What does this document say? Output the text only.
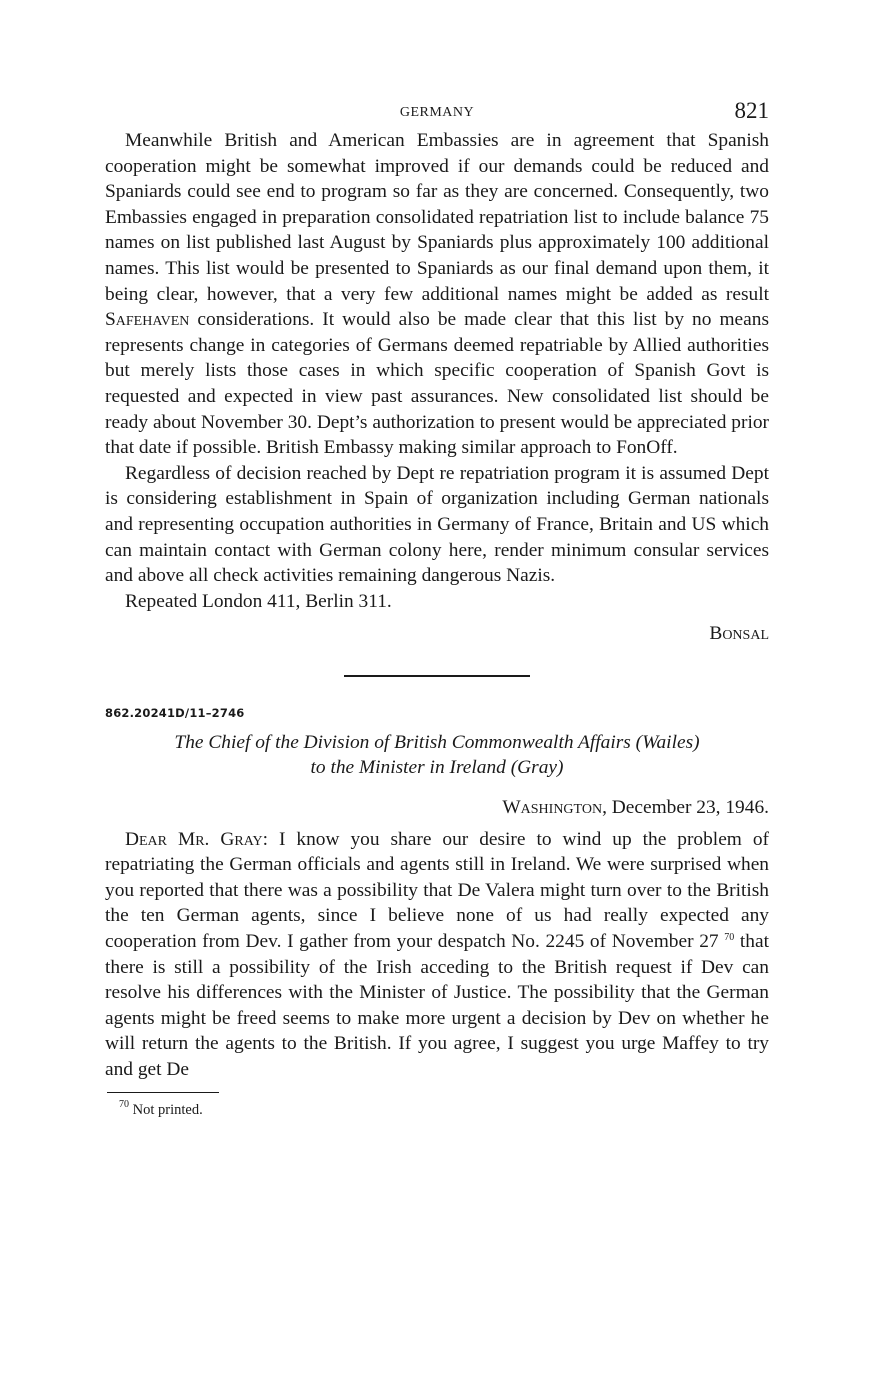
GERMANY	821

Meanwhile British and American Embassies are in agreement that Spanish cooperation might be somewhat improved if our demands could be reduced and Spaniards could see end to program so far as they are concerned. Consequently, two Embassies engaged in preparation consolidated repatriation list to include balance 75 names on list published last August by Spaniards plus approximately 100 additional names. This list would be presented to Spaniards as our final demand upon them, it being clear, however, that a very few additional names might be added as result Safehaven considerations. It would also be made clear that this list by no means represents change in categories of Germans deemed repatriable by Allied authorities but merely lists those cases in which specific cooperation of Spanish Govt is requested and expected in view past assurances. New consolidated list should be ready about November 30. Dept’s authorization to present would be appreciated prior that date if possible. British Embassy making similar approach to FonOff.

Regardless of decision reached by Dept re repatriation program it is assumed Dept is considering establishment in Spain of organization including German nationals and representing occupation authorities in Germany of France, Britain and US which can maintain contact with German colony here, render minimum consular services and above all check activities remaining dangerous Nazis.

Repeated London 411, Berlin 311.

Bonsal
862.20241D/11–2746
The Chief of the Division of British Commonwealth Affairs (Wailes)
to the Minister in Ireland (Gray)
Washington, December 23, 1946.

Dear Mr. Gray: I know you share our desire to wind up the problem of repatriating the German officials and agents still in Ireland. We were surprised when you reported that there was a possibility that De Valera might turn over to the British the ten German agents, since I believe none of us had really expected any cooperation from Dev. I gather from your despatch No. 2245 of November 27 $^{70}$ that there is still a possibility of the Irish acceding to the British request if Dev can resolve his differences with the Minister of Justice. The possibility that the German agents might be freed seems to make more urgent a decision by Dev on whether he will return the agents to the British. If you agree, I suggest you urge Maffey to try and get De

$^{70}$ Not printed.
